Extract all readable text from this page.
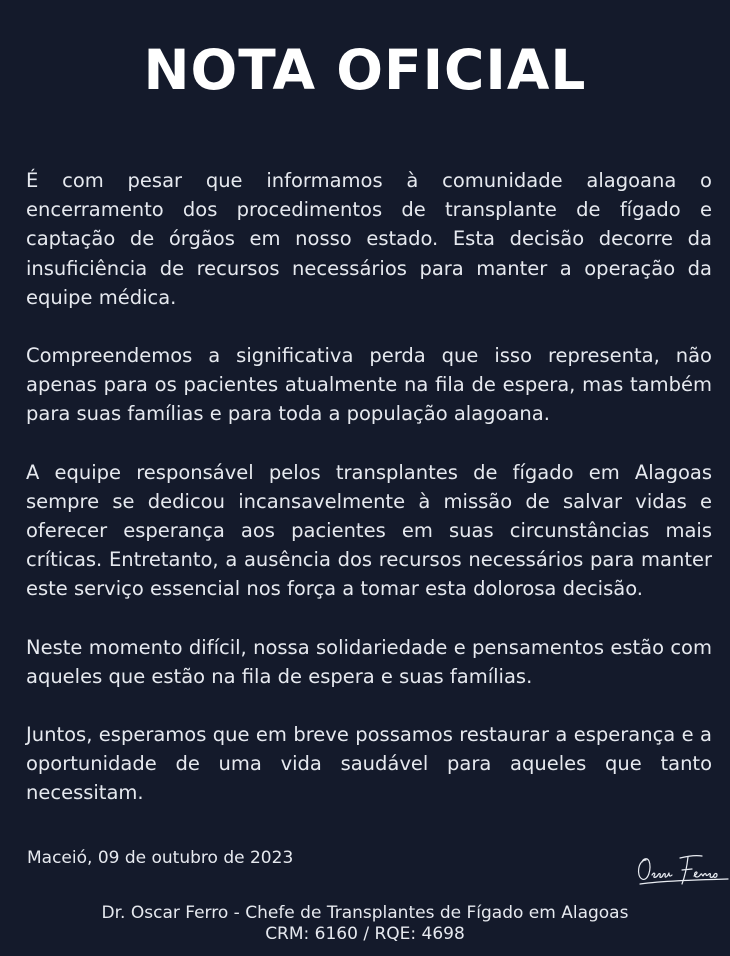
NOTA OFICIAL

É com pesar que informamos à comunidade alagoana o encerramento dos procedimentos de transplante de fígado e captação de órgãos em nosso estado. Esta decisão decorre da insuficiência de recursos necessários para manter a operação da equipe médica.

Compreendemos a significativa perda que isso representa, não apenas para os pacientes atualmente na fila de espera, mas também para suas famílias e para toda a população alagoana.

A equipe responsável pelos transplantes de fígado em Alagoas sempre se dedicou incansavelmente à missão de salvar vidas e oferecer esperança aos pacientes em suas circunstâncias mais críticas. Entretanto, a ausência dos recursos necessários para manter este serviço essencial nos força a tomar esta dolorosa decisão.

Neste momento difícil, nossa solidariedade e pensamentos estão com aqueles que estão na fila de espera e suas famílias.

Juntos, esperamos que em breve possamos restaurar a esperança e a oportunidade de uma vida saudável para aqueles que tanto necessitam.

Maceió, 09 de outubro de 2023

Dr. Oscar Ferro - Chefe de Transplantes de Fígado em Alagoas

CRM: 6160 / RQE: 4698
